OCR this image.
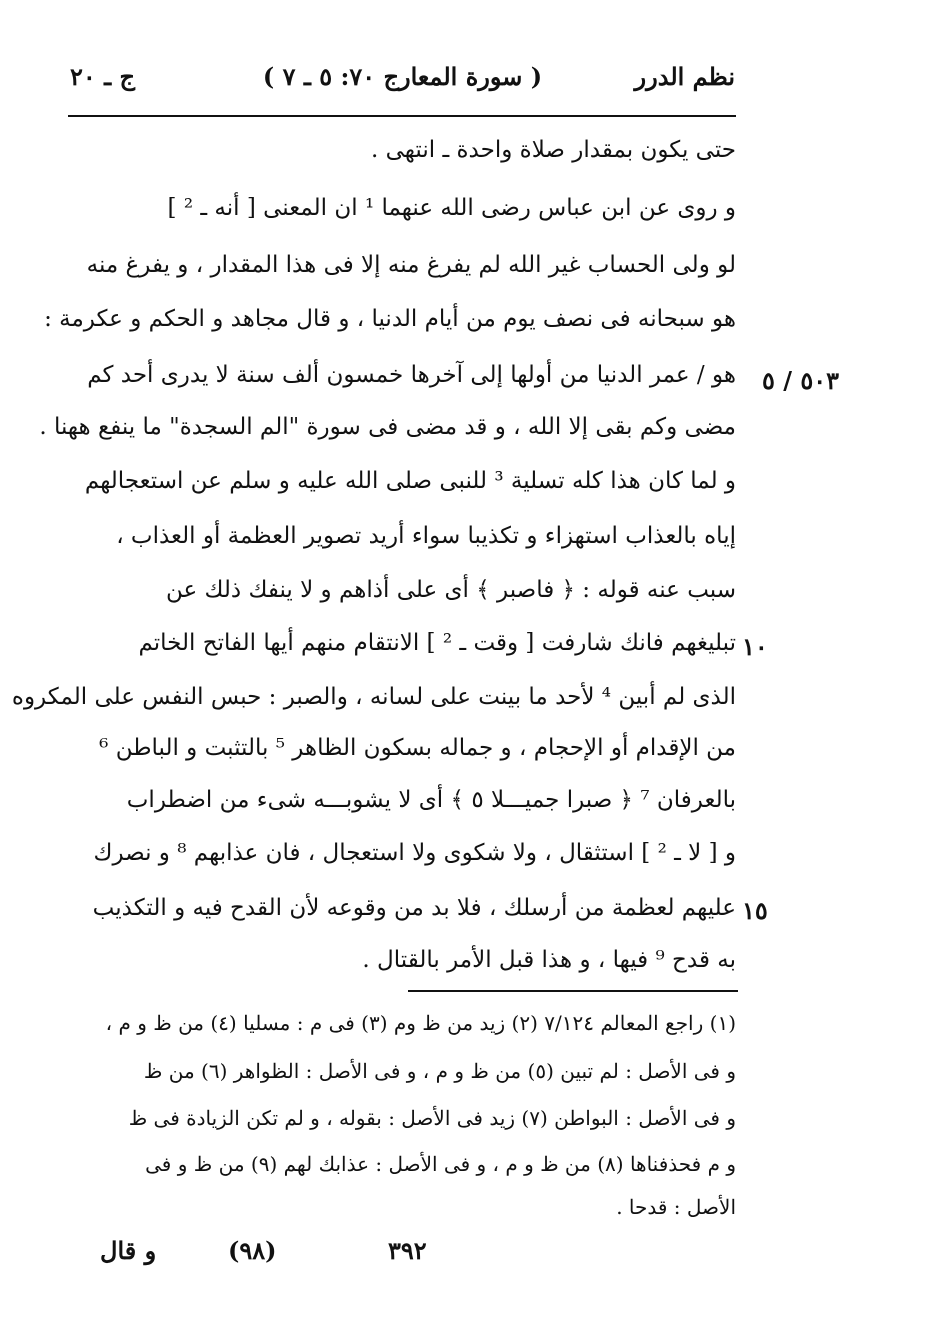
نظم الدرر
( سورة المعارج ٧٠: ٥ ـ ٧ )
ج ـ ٢٠
حتى يكون بمقدار صلاة واحدة ـ انتهى .
و روى عن ابن عباس رضى الله عنهما ¹ ان المعنى [ أنه ـ ² ]
لو ولى الحساب غير الله لم يفرغ منه إلا فى هذا المقدار ، و يفرغ منه
هو سبحانه فى نصف يوم من أيام الدنيا ، و قال مجاهد و الحكم و عكرمة :
هو / عمر الدنيا من أولها إلى آخرها خمسون ألف سنة لا يدرى أحد كم
مضى وكم بقى إلا الله ، و قد مضى فى سورة "الم السجدة" ما ينفع ههنا .
و لما كان هذا كله تسلية ³ للنبى صلى الله عليه و سلم عن استعجالهم
إياه بالعذاب استهزاء و تكذيبا سواء أريد تصوير العظمة أو العذاب ،
سبب عنه قوله : ﴿ فاصبر ﴾ أى على أذاهم و لا ينفك ذلك عن
تبليغهم فانك شارفت [ وقت ـ ² ] الانتقام منهم أيها الفاتح الخاتم
الذى لم أبين ⁴ لأحد ما بينت على لسانه ، والصبر : حبس النفس على المكروه
من الإقدام أو الإحجام ، و جماله بسكون الظاهر ⁵ بالتثبت و الباطن ⁶
بالعرفان ⁷ ﴿ صبرا جميـــلا ٥ ﴾ أى لا يشوبـــه شىء من اضطراب
و [ لا ـ ² ] استثقال ، ولا شكوى ولا استعجال ، فان عذابهم ⁸ و نصرك
عليهم لعظمة من أرسلك ، فلا بد من وقوعه لأن القدح فيه و التكذيب
به قدح ⁹ فيها ، و هذا قبل الأمر بالقتال .
٥٠٣ / ٥
١٠
١٥
(١) راجع المعالم ٧/١٢٤ (٢) زيد من ظ وم (٣) فى م : مسليا (٤) من ظ و م ،
و فى الأصل : لم تبين (٥) من ظ و م ، و فى الأصل : الظواهر (٦) من ظ
و فى الأصل : البواطن (٧) زيد فى الأصل : بقوله ، و لم تكن الزيادة فى ظ
و م فحذفناها (٨) من ظ و م ، و فى الأصل : عذابك لهم (٩) من ظ و فى
الأصل : قدحا .
و قال	(٩٨)	٣٩٢
